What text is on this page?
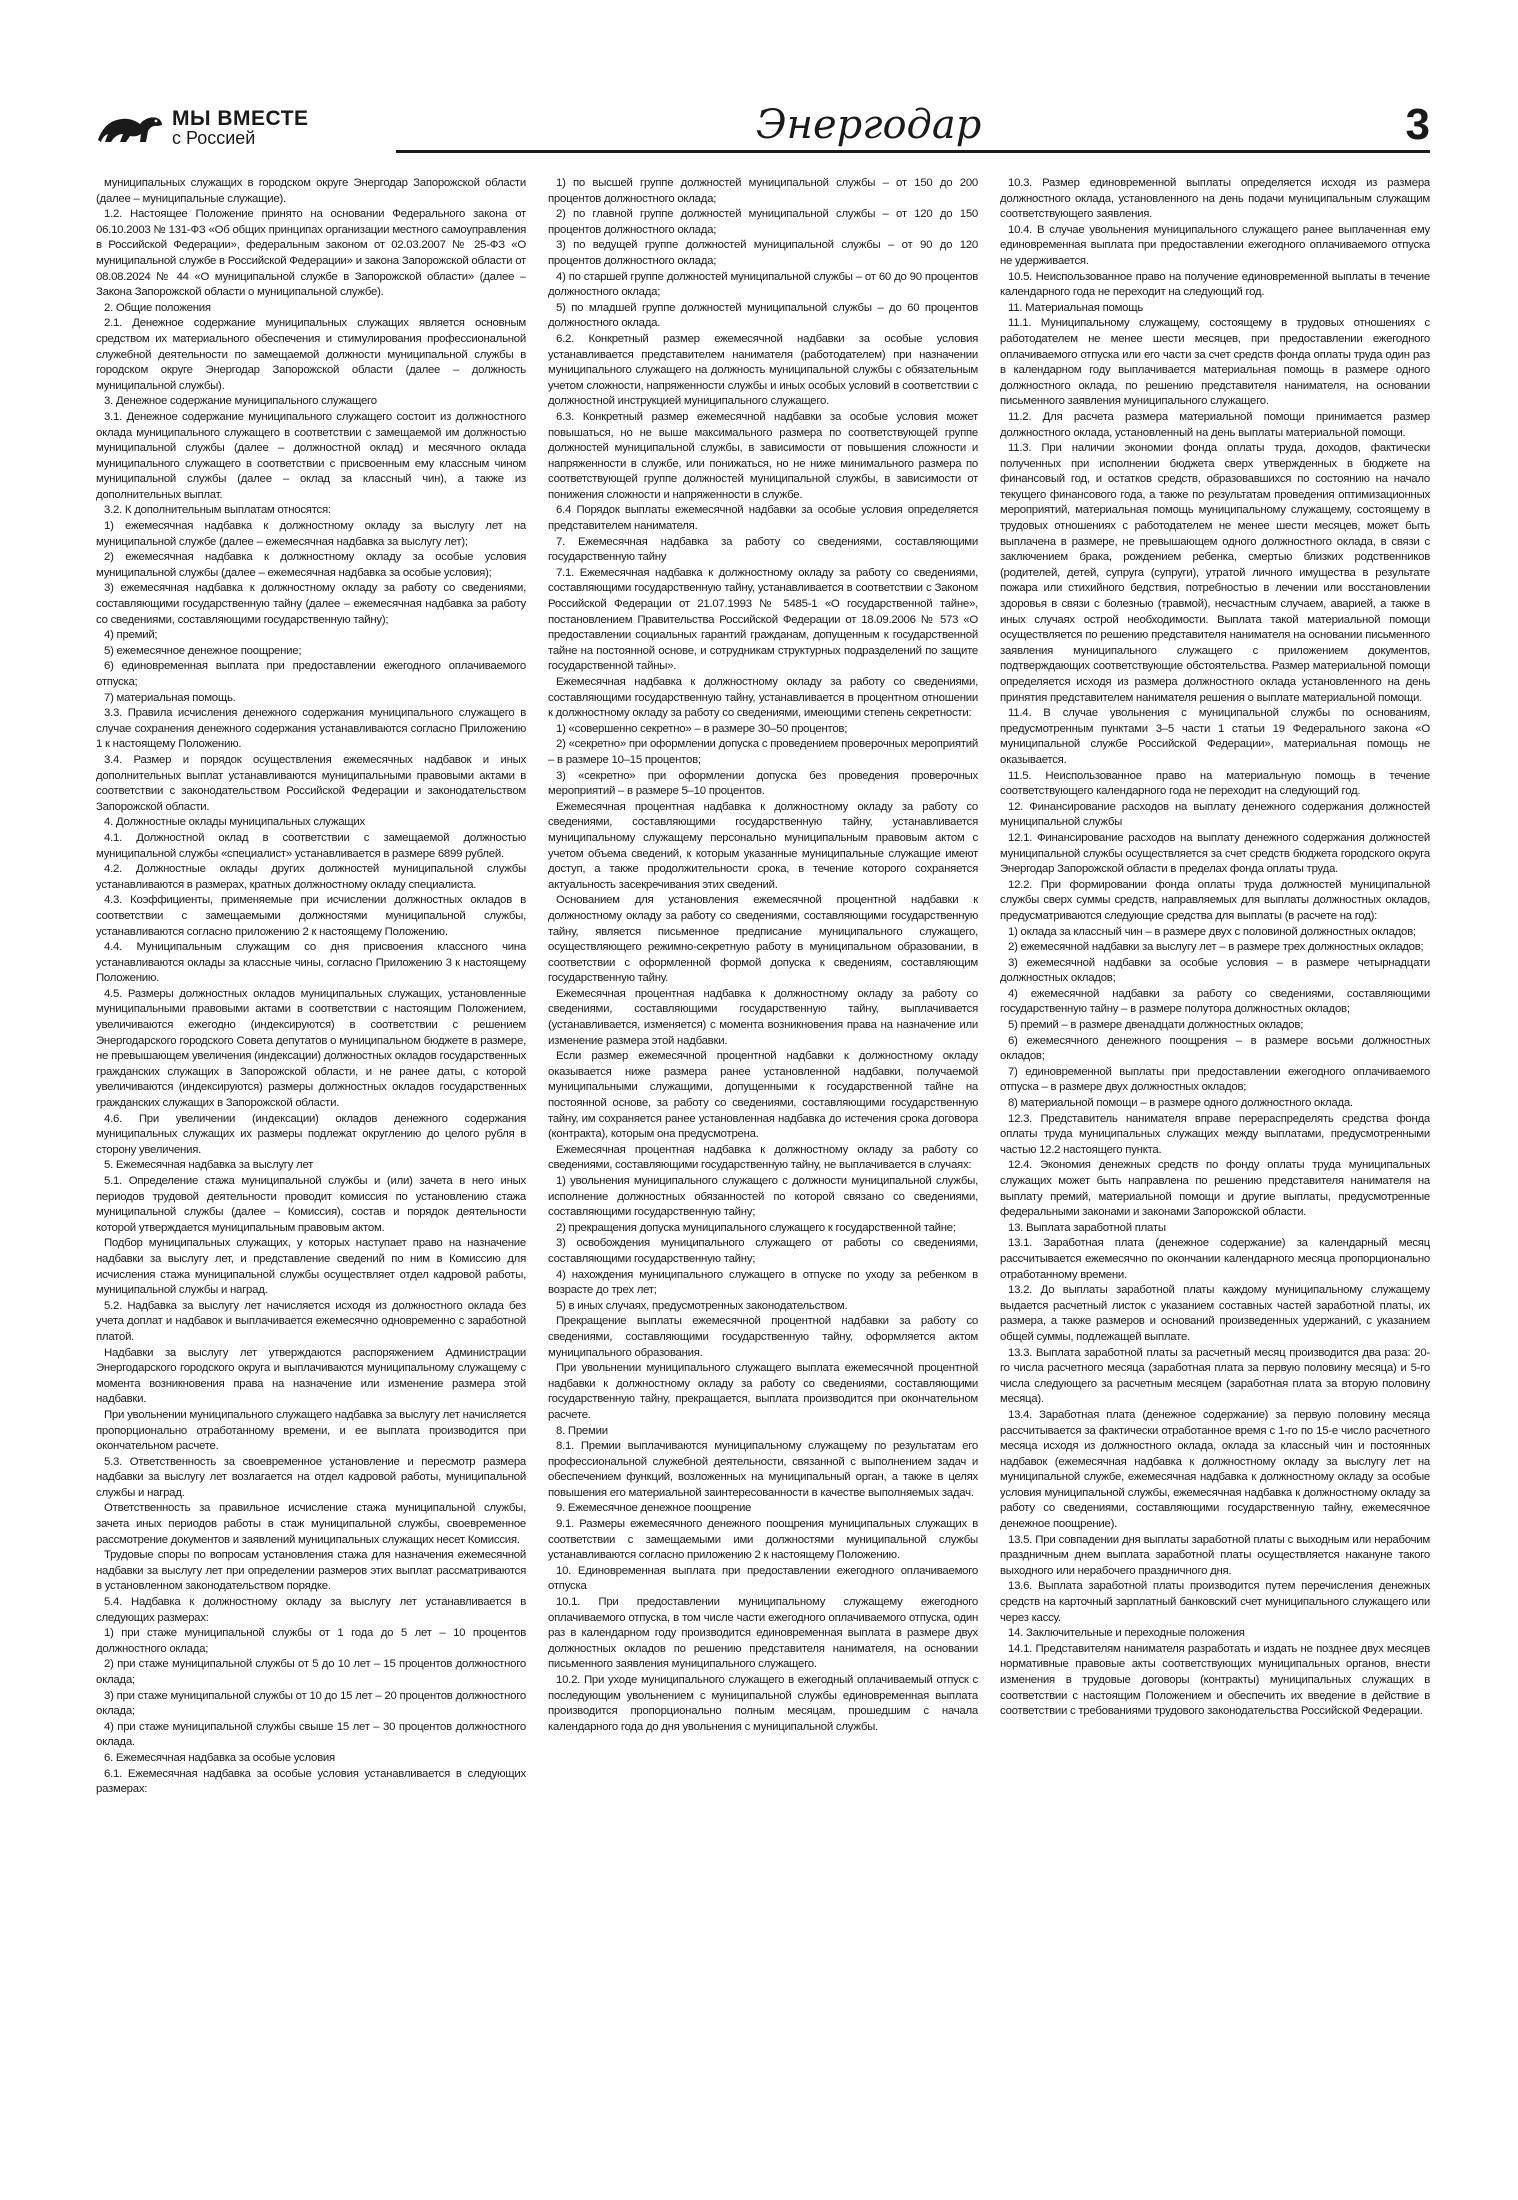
МЫ ВМЕСТЕ
с Россией	Энергодар	3

муниципальных служащих в городском округе Энергодар Запорожской области (далее – муниципальные служащие).

1.2. Настоящее Положение принято на основании Федерального закона от 06.10.2003 № 131-ФЗ «Об общих принципах организации местного самоуправления в Российской Федерации», федеральным законом от 02.03.2007 № 25-ФЗ «О муниципальной службе в Российской Федерации» и закона Запорожской области от 08.08.2024 № 44 «О муниципальной службе в Запорожской области» (далее – Закона Запорожской области о муниципальной службе).

2. Общие положения

2.1. Денежное содержание муниципальных служащих является основным средством их материального обеспечения и стимулирования профессиональной служебной деятельности по замещаемой должности муниципальной службы в городском округе Энергодар Запорожской области (далее – должность муниципальной службы).

3. Денежное содержание муниципального служащего

3.1. Денежное содержание муниципального служащего состоит из должностного оклада муниципального служащего в соответствии с замещаемой им должностью муниципальной службы (далее – должностной оклад) и месячного оклада муниципального служащего в соответствии с присвоенным ему классным чином муниципальной службы (далее – оклад за классный чин), а также из дополнительных выплат.

3.2. К дополнительным выплатам относятся:

1) ежемесячная надбавка к должностному окладу за выслугу лет на муниципальной службе (далее – ежемесячная надбавка за выслугу лет);

2) ежемесячная надбавка к должностному окладу за особые условия муниципальной службы (далее – ежемесячная надбавка за особые условия);

3) ежемесячная надбавка к должностному окладу за работу со сведениями, составляющими государственную тайну (далее – ежемесячная надбавка за работу со сведениями, составляющими государственную тайну);

4) премий;

5) ежемесячное денежное поощрение;

6) единовременная выплата при предоставлении ежегодного оплачиваемого отпуска;

7) материальная помощь.

3.3. Правила исчисления денежного содержания муниципального служащего в случае сохранения денежного содержания устанавливаются согласно Приложению 1 к настоящему Положению.

3.4. Размер и порядок осуществления ежемесячных надбавок и иных дополнительных выплат устанавливаются муниципальными правовыми актами в соответствии с законодательством Российской Федерации и законодательством Запорожской области.

4. Должностные оклады муниципальных служащих

4.1. Должностной оклад в соответствии с замещаемой должностью муниципальной службы «специалист» устанавливается в размере 6899 рублей.

4.2. Должностные оклады других должностей муниципальной службы устанавливаются в размерах, кратных должностному окладу специалиста.

4.3. Коэффициенты, применяемые при исчислении должностных окладов в соответствии с замещаемыми должностями муниципальной службы, устанавливаются согласно приложению 2 к настоящему Положению.

4.4. Муниципальным служащим со дня присвоения классного чина устанавливаются оклады за классные чины, согласно Приложению 3 к настоящему Положению.

4.5. Размеры должностных окладов муниципальных служащих, установленные муниципальными правовыми актами в соответствии с настоящим Положением, увеличиваются ежегодно (индексируются) в соответствии с решением Энергодарского городского Совета депутатов о муниципальном бюджете в размере, не превышающем увеличения (индексации) должностных окладов государственных гражданских служащих в Запорожской области, и не ранее даты, с которой увеличиваются (индексируются) размеры должностных окладов государственных гражданских служащих в Запорожской области.

4.6. При увеличении (индексации) окладов денежного содержания муниципальных служащих их размеры подлежат округлению до целого рубля в сторону увеличения.

5. Ежемесячная надбавка за выслугу лет

5.1. Определение стажа муниципальной службы и (или) зачета в него иных периодов трудовой деятельности проводит комиссия по установлению стажа муниципальной службы (далее – Комиссия), состав и порядок деятельности которой утверждается муниципальным правовым актом.

Подбор муниципальных служащих, у которых наступает право на назначение надбавки за выслугу лет, и представление сведений по ним в Комиссию для исчисления стажа муниципальной службы осуществляет отдел кадровой работы, муниципальной службы и наград.

5.2. Надбавка за выслугу лет начисляется исходя из должностного оклада без учета доплат и надбавок и выплачивается ежемесячно одновременно с заработной платой.

Надбавки за выслугу лет утверждаются распоряжением Администрации Энергодарского городского округа и выплачиваются муниципальному служащему с момента возникновения права на назначение или изменение размера этой надбавки.

При увольнении муниципального служащего надбавка за выслугу лет начисляется пропорционально отработанному времени, и ее выплата производится при окончательном расчете.

5.3. Ответственность за своевременное установление и пересмотр размера надбавки за выслугу лет возлагается на отдел кадровой работы, муниципальной службы и наград.

Ответственность за правильное исчисление стажа муниципальной службы, зачета иных периодов работы в стаж муниципальной службы, своевременное рассмотрение документов и заявлений муниципальных служащих несет Комиссия.

Трудовые споры по вопросам установления стажа для назначения ежемесячной надбавки за выслугу лет при определении размеров этих выплат рассматриваются в установленном законодательством порядке.

5.4. Надбавка к должностному окладу за выслугу лет устанавливается в следующих размерах:

1) при стаже муниципальной службы от 1 года до 5 лет – 10 процентов должностного оклада;

2) при стаже муниципальной службы от 5 до 10 лет – 15 процентов должностного оклада;

3) при стаже муниципальной службы от 10 до 15 лет – 20 процентов должностного оклада;

4) при стаже муниципальной службы свыше 15 лет – 30 процентов должностного оклада.

6. Ежемесячная надбавка за особые условия

6.1. Ежемесячная надбавка за особые условия устанавливается в следующих размерах:

1) по высшей группе должностей муниципальной службы – от 150 до 200 процентов должностного оклада;

2) по главной группе должностей муниципальной службы – от 120 до 150 процентов должностного оклада;

3) по ведущей группе должностей муниципальной службы – от 90 до 120 процентов должностного оклада;

4) по старшей группе должностей муниципальной службы – от 60 до 90 процентов должностного оклада;

5) по младшей группе должностей муниципальной службы – до 60 процентов должностного оклада.

6.2. Конкретный размер ежемесячной надбавки за особые условия устанавливается представителем нанимателя (работодателем) при назначении муниципального служащего на должность муниципальной службы с обязательным учетом сложности, напряженности службы и иных особых условий в соответствии с должностной инструкцией муниципального служащего.

6.3. Конкретный размер ежемесячной надбавки за особые условия может повышаться, но не выше максимального размера по соответствующей группе должностей муниципальной службы, в зависимости от повышения сложности и напряженности в службе, или понижаться, но не ниже минимального размера по соответствующей группе должностей муниципальной службы, в зависимости от понижения сложности и напряженности в службе.

6.4 Порядок выплаты ежемесячной надбавки за особые условия определяется представителем нанимателя.

7. Ежемесячная надбавка за работу со сведениями, составляющими государственную тайну

7.1. Ежемесячная надбавка к должностному окладу за работу со сведениями, составляющими государственную тайну, устанавливается в соответствии с Законом Российской Федерации от 21.07.1993 № 5485-1 «О государственной тайне», постановлением Правительства Российской Федерации от 18.09.2006 № 573 «О предоставлении социальных гарантий гражданам, допущенным к государственной тайне на постоянной основе, и сотрудникам структурных подразделений по защите государственной тайны».

Ежемесячная надбавка к должностному окладу за работу со сведениями, составляющими государственную тайну, устанавливается в процентном отношении к должностному окладу за работу со сведениями, имеющими степень секретности:

1) «совершенно секретно» – в размере 30–50 процентов;

2) «секретно» при оформлении допуска с проведением проверочных мероприятий – в размере 10–15 процентов;

3) «секретно» при оформлении допуска без проведения проверочных мероприятий – в размере 5–10 процентов.

Ежемесячная процентная надбавка к должностному окладу за работу со сведениями, составляющими государственную тайну, устанавливается муниципальному служащему персонально муниципальным правовым актом с учетом объема сведений, к которым указанные муниципальные служащие имеют доступ, а также продолжительности срока, в течение которого сохраняется актуальность засекречивания этих сведений.

Основанием для установления ежемесячной процентной надбавки к должностному окладу за работу со сведениями, составляющими государственную тайну, является письменное предписание муниципального служащего, осуществляющего режимно-секретную работу в муниципальном образовании, в соответствии с оформленной формой допуска к сведениям, составляющим государственную тайну.

Ежемесячная процентная надбавка к должностному окладу за работу со сведениями, составляющими государственную тайну, выплачивается (устанавливается, изменяется) с момента возникновения права на назначение или изменение размера этой надбавки.

Если размер ежемесячной процентной надбавки к должностному окладу оказывается ниже размера ранее установленной надбавки, получаемой муниципальными служащими, допущенными к государственной тайне на постоянной основе, за работу со сведениями, составляющими государственную тайну, им сохраняется ранее установленная надбавка до истечения срока договора (контракта), которым она предусмотрена.

Ежемесячная процентная надбавка к должностному окладу за работу со сведениями, составляющими государственную тайну, не выплачивается в случаях:

1) увольнения муниципального служащего с должности муниципальной службы, исполнение должностных обязанностей по которой связано со сведениями, составляющими государственную тайну;

2) прекращения допуска муниципального служащего к государственной тайне;

3) освобождения муниципального служащего от работы со сведениями, составляющими государственную тайну;

4) нахождения муниципального служащего в отпуске по уходу за ребенком в возрасте до трех лет;

5) в иных случаях, предусмотренных законодательством.

Прекращение выплаты ежемесячной процентной надбавки за работу со сведениями, составляющими государственную тайну, оформляется актом муниципального образования.

При увольнении муниципального служащего выплата ежемесячной процентной надбавки к должностному окладу за работу со сведениями, составляющими государственную тайну, прекращается, выплата производится при окончательном расчете.

8. Премии

8.1. Премии выплачиваются муниципальному служащему по результатам его профессиональной служебной деятельности, связанной с выполнением задач и обеспечением функций, возложенных на муниципальный орган, а также в целях повышения его материальной заинтересованности в качестве выполняемых задач.

9. Ежемесячное денежное поощрение

9.1. Размеры ежемесячного денежного поощрения муниципальных служащих в соответствии с замещаемыми ими должностями муниципальной службы устанавливаются согласно приложению 2 к настоящему Положению.

10. Единовременная выплата при предоставлении ежегодного оплачиваемого отпуска

10.1. При предоставлении муниципальному служащему ежегодного оплачиваемого отпуска, в том числе части ежегодного оплачиваемого отпуска, один раз в календарном году производится единовременная выплата в размере двух должностных окладов по решению представителя нанимателя, на основании письменного заявления муниципального служащего.

10.2. При уходе муниципального служащего в ежегодный оплачиваемый отпуск с последующим увольнением с муниципальной службы единовременная выплата производится пропорционально полным месяцам, прошедшим с начала календарного года до дня увольнения с муниципальной службы.

10.3. Размер единовременной выплаты определяется исходя из размера должностного оклада, установленного на день подачи муниципальным служащим соответствующего заявления.

10.4. В случае увольнения муниципального служащего ранее выплаченная ему единовременная выплата при предоставлении ежегодного оплачиваемого отпуска не удерживается.

10.5. Неиспользованное право на получение единовременной выплаты в течение календарного года не переходит на следующий год.

11. Материальная помощь

11.1. Муниципальному служащему, состоящему в трудовых отношениях с работодателем не менее шести месяцев, при предоставлении ежегодного оплачиваемого отпуска или его части за счет средств фонда оплаты труда один раз в календарном году выплачивается материальная помощь в размере одного должностного оклада, по решению представителя нанимателя, на основании письменного заявления муниципального служащего.

11.2. Для расчета размера материальной помощи принимается размер должностного оклада, установленный на день выплаты материальной помощи.

11.3. При наличии экономии фонда оплаты труда, доходов, фактически полученных при исполнении бюджета сверх утвержденных в бюджете на финансовый год, и остатков средств, образовавшихся по состоянию на начало текущего финансового года, а также по результатам проведения оптимизационных мероприятий, материальная помощь муниципальному служащему, состоящему в трудовых отношениях с работодателем не менее шести месяцев, может быть выплачена в размере, не превышающем одного должностного оклада, в связи с заключением брака, рождением ребенка, смертью близких родственников (родителей, детей, супруга (супруги), утратой личного имущества в результате пожара или стихийного бедствия, потребностью в лечении или восстановлении здоровья в связи с болезнью (травмой), несчастным случаем, аварией, а также в иных случаях острой необходимости. Выплата такой материальной помощи осуществляется по решению представителя нанимателя на основании письменного заявления муниципального служащего с приложением документов, подтверждающих соответствующие обстоятельства. Размер материальной помощи определяется исходя из размера должностного оклада установленного на день принятия представителем нанимателя решения о выплате материальной помощи.

11.4. В случае увольнения с муниципальной службы по основаниям, предусмотренным пунктами 3–5 части 1 статьи 19 Федерального закона «О муниципальной службе Российской Федерации», материальная помощь не оказывается.

11.5. Неиспользованное право на материальную помощь в течение соответствующего календарного года не переходит на следующий год.

12. Финансирование расходов на выплату денежного содержания должностей муниципальной службы

12.1. Финансирование расходов на выплату денежного содержания должностей муниципальной службы осуществляется за счет средств бюджета городского округа Энергодар Запорожской области в пределах фонда оплаты труда.

12.2. При формировании фонда оплаты труда должностей муниципальной службы сверх суммы средств, направляемых для выплаты должностных окладов, предусматриваются следующие средства для выплаты (в расчете на год):

1) оклада за классный чин – в размере двух с половиной должностных окладов;

2) ежемесячной надбавки за выслугу лет – в размере трех должностных окладов;

3) ежемесячной надбавки за особые условия – в размере четырнадцати должностных окладов;

4) ежемесячной надбавки за работу со сведениями, составляющими государственную тайну – в размере полутора должностных окладов;

5) премий – в размере двенадцати должностных окладов;

6) ежемесячного денежного поощрения – в размере восьми должностных окладов;

7) единовременной выплаты при предоставлении ежегодного оплачиваемого отпуска – в размере двух должностных окладов;

8) материальной помощи – в размере одного должностного оклада.

12.3. Представитель нанимателя вправе перераспределять средства фонда оплаты труда муниципальных служащих между выплатами, предусмотренными частью 12.2 настоящего пункта.

12.4. Экономия денежных средств по фонду оплаты труда муниципальных служащих может быть направлена по решению представителя нанимателя на выплату премий, материальной помощи и другие выплаты, предусмотренные федеральными законами и законами Запорожской области.

13. Выплата заработной платы

13.1. Заработная плата (денежное содержание) за календарный месяц рассчитывается ежемесячно по окончании календарного месяца пропорционально отработанному времени.

13.2. До выплаты заработной платы каждому муниципальному служащему выдается расчетный листок с указанием составных частей заработной платы, их размера, а также размеров и оснований произведенных удержаний, с указанием общей суммы, подлежащей выплате.

13.3. Выплата заработной платы за расчетный месяц производится два раза: 20-го числа расчетного месяца (заработная плата за первую половину месяца) и 5-го числа следующего за расчетным месяцем (заработная плата за вторую половину месяца).

13.4. Заработная плата (денежное содержание) за первую половину месяца рассчитывается за фактически отработанное время с 1-го по 15-е число расчетного месяца исходя из должностного оклада, оклада за классный чин и постоянных надбавок (ежемесячная надбавка к должностному окладу за выслугу лет на муниципальной службе, ежемесячная надбавка к должностному окладу за особые условия муниципальной службы, ежемесячная надбавка к должностному окладу за работу со сведениями, составляющими государственную тайну, ежемесячное денежное поощрение).

13.5. При совпадении дня выплаты заработной платы с выходным или нерабочим праздничным днем выплата заработной платы осуществляется накануне такого выходного или нерабочего праздничного дня.

13.6. Выплата заработной платы производится путем перечисления денежных средств на карточный зарплатный банковский счет муниципального служащего или через кассу.

14. Заключительные и переходные положения

14.1. Представителям нанимателя разработать и издать не позднее двух месяцев нормативные правовые акты соответствующих муниципальных органов, внести изменения в трудовые договоры (контракты) муниципальных служащих в соответствии с настоящим Положением и обеспечить их введение в действие в соответствии с требованиями трудового законодательства Российской Федерации.
